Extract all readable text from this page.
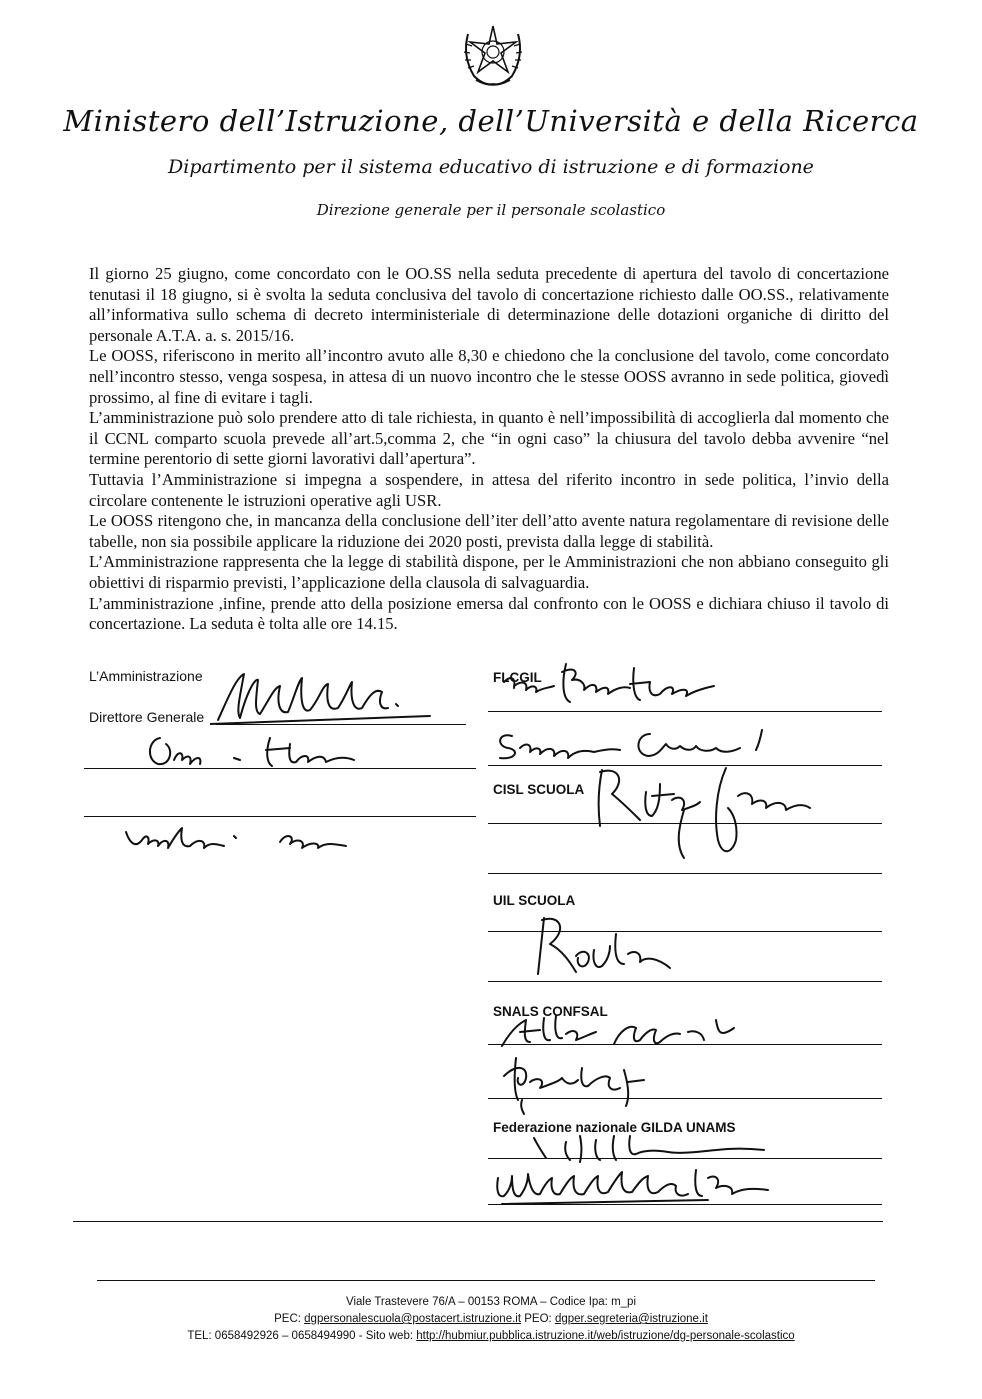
Ministero dell’Istruzione, dell’Università e della Ricerca
Dipartimento per il sistema educativo di istruzione e di formazione
Direzione generale per il personale scolastico

Il giorno 25 giugno, come concordato con le OO.SS nella seduta precedente di apertura del tavolo di concertazione tenutasi il 18 giugno, si è svolta la seduta conclusiva del tavolo di concertazione richiesto dalle OO.SS., relativamente all’informativa sullo schema di decreto interministeriale di determinazione delle dotazioni organiche di diritto del personale A.T.A. a. s. 2015/16.

Le OOSS, riferiscono in merito all’incontro avuto alle 8,30 e chiedono che la conclusione del tavolo, come concordato nell’incontro stesso, venga sospesa, in attesa di un nuovo incontro che le stesse OOSS avranno in sede politica, giovedì prossimo, al fine di evitare i tagli.

L’amministrazione può solo prendere atto di tale richiesta, in quanto è nell’impossibilità di accoglierla dal momento che il CCNL comparto scuola prevede all’art.5,comma 2, che “in ogni caso” la chiusura del tavolo debba avvenire “nel termine perentorio di sette giorni lavorativi dall’apertura”.

Tuttavia l’Amministrazione si impegna a sospendere, in attesa del riferito incontro in sede politica, l’invio della circolare contenente le istruzioni operative agli USR.

Le OOSS ritengono che, in mancanza della conclusione dell’iter dell’atto avente natura regolamentare di revisione delle tabelle, non sia possibile applicare la riduzione dei 2020 posti, prevista dalla legge di stabilità.

L’Amministrazione rappresenta che la legge di stabilità dispone, per le Amministrazioni che non abbiano conseguito gli obiettivi di risparmio previsti, l’applicazione della clausola di salvaguardia.

L’amministrazione ,infine, prende atto della posizione emersa dal confronto con le OOSS e dichiara chiuso il tavolo di concertazione. La seduta è tolta alle ore 14.15.

L’Amministrazione
Direttore Generale
FLCGIL
CISL SCUOLA
UIL SCUOLA
SNALS CONFSAL
Federazione nazionale GILDA UNAMS
Viale Trastevere 76/A – 00153 ROMA – Codice Ipa: m_pi
PEC: dgpersonalescuola@postacert.istruzione.it PEO: dgper.segreteria@istruzione.it
TEL: 0658492926 – 0658494990 - Sito web: http://hubmiur.pubblica.istruzione.it/web/istruzione/dg-personale-scolastico
